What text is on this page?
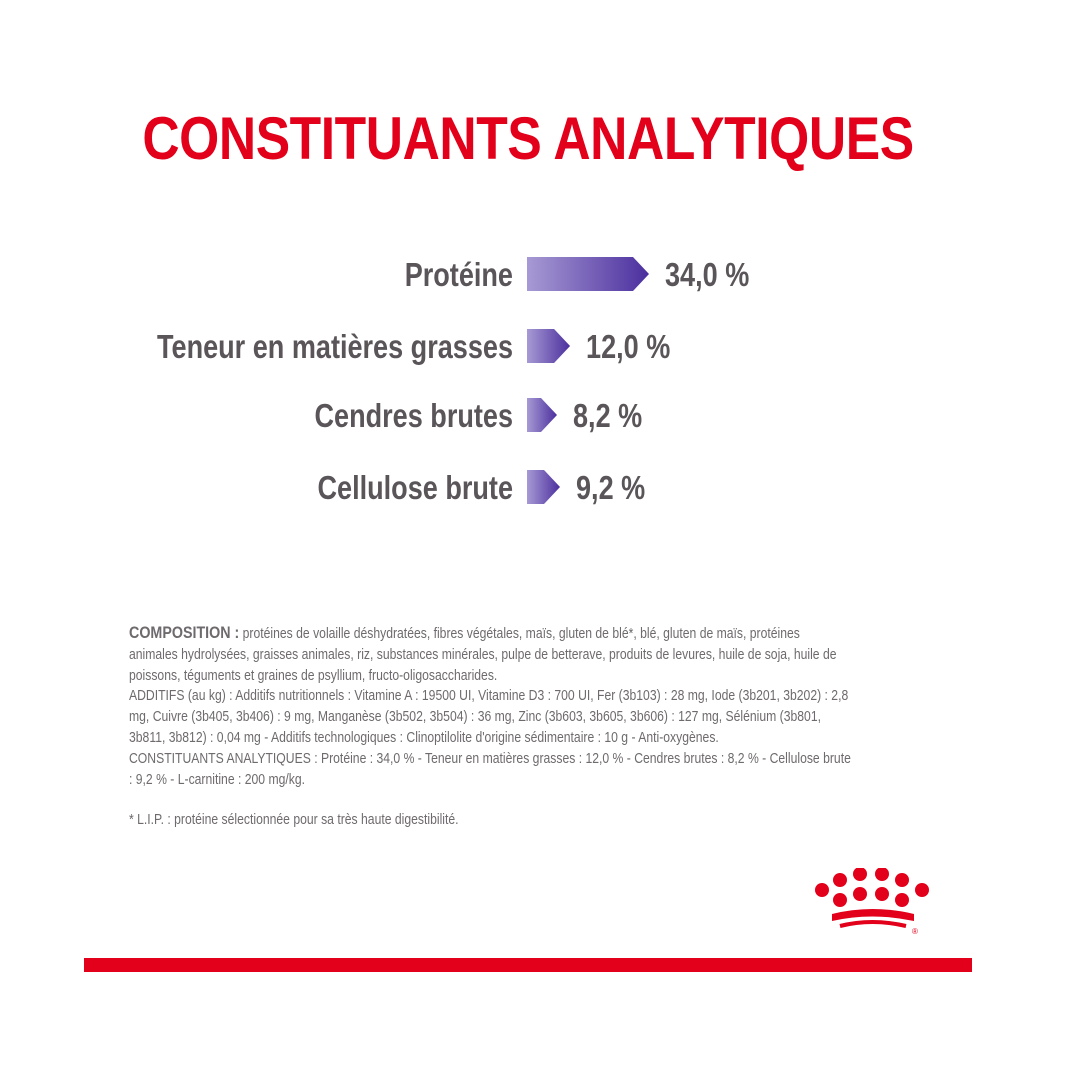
CONSTITUANTS ANALYTIQUES
Protéine	34,0 %
Teneur en matières grasses 12,0 %
Cendres brutes 8,2 %
Cellulose brute 9,2 %

COMPOSITION : protéines de volaille déshydratées, fibres végétales, maïs, gluten de blé*, blé, gluten de maïs, protéines animales hydrolysées, graisses animales, riz, substances minérales, pulpe de betterave, produits de levures, huile de soja, huile de poissons, téguments et graines de psyllium, fructo-oligosaccharides.

ADDITIFS (au kg) : Additifs nutritionnels : Vitamine A : 19500 UI, Vitamine D3 : 700 UI, Fer (3b103) : 28 mg, Iode (3b201, 3b202) : 2,8 mg, Cuivre (3b405, 3b406) : 9 mg, Manganèse (3b502, 3b504) : 36 mg, Zinc (3b603, 3b605, 3b606) : 127 mg, Sélénium (3b801, 3b811, 3b812) : 0,04 mg - Additifs technologiques : Clinoptilolite d'origine sédimentaire : 10 g - Anti-oxygènes.

CONSTITUANTS ANALYTIQUES : Protéine : 34,0 % - Teneur en matières grasses : 12,0 % - Cendres brutes : 8,2 % - Cellulose brute : 9,2 % - L-carnitine : 200 mg/kg.

* L.I.P. : protéine sélectionnée pour sa très haute digestibilité.

®
